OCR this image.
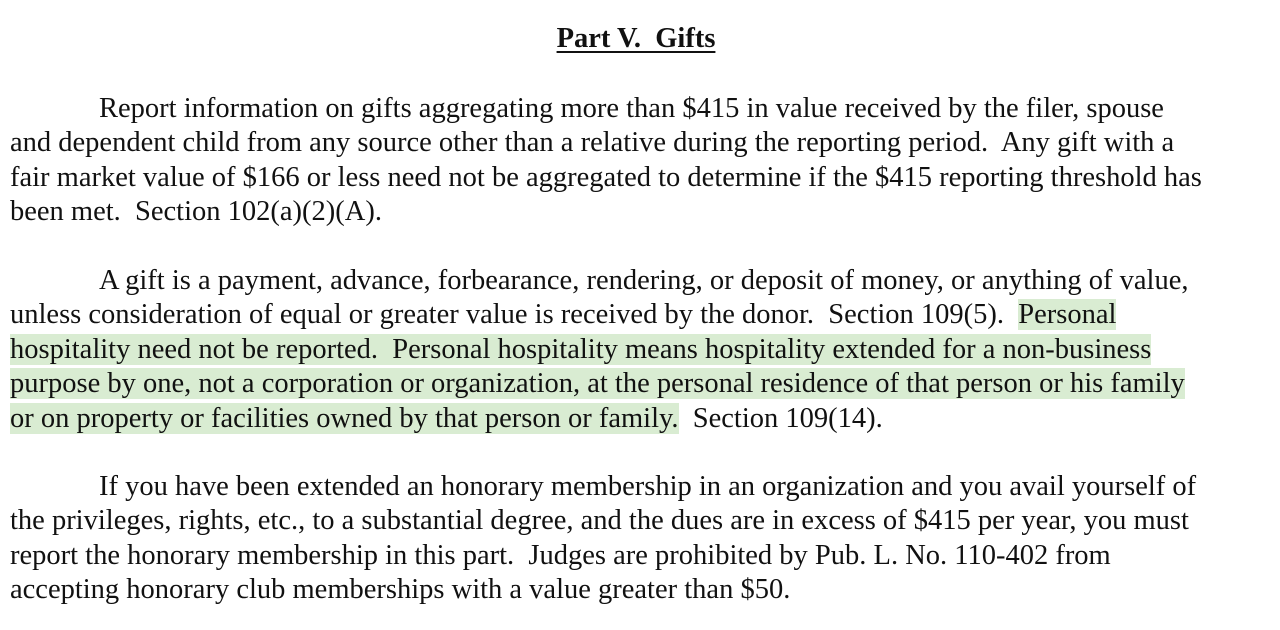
Part V.  Gifts
Report information on gifts aggregating more than $415 in value received by the filer, spouse
and dependent child from any source other than a relative during the reporting period.  Any gift with a
fair market value of $166 or less need not be aggregated to determine if the $415 reporting threshold has
been met.  Section 102(a)(2)(A).
A gift is a payment, advance, forbearance, rendering, or deposit of money, or anything of value,
unless consideration of equal or greater value is received by the donor.  Section 109(5).  Personal
hospitality need not be reported.  Personal hospitality means hospitality extended for a non-business
purpose by one, not a corporation or organization, at the personal residence of that person or his family
or on property or facilities owned by that person or family.  Section 109(14).
If you have been extended an honorary membership in an organization and you avail yourself of
the privileges, rights, etc., to a substantial degree, and the dues are in excess of $415 per year, you must
report the honorary membership in this part.  Judges are prohibited by Pub. L. No. 110-402 from
accepting honorary club memberships with a value greater than $50.
